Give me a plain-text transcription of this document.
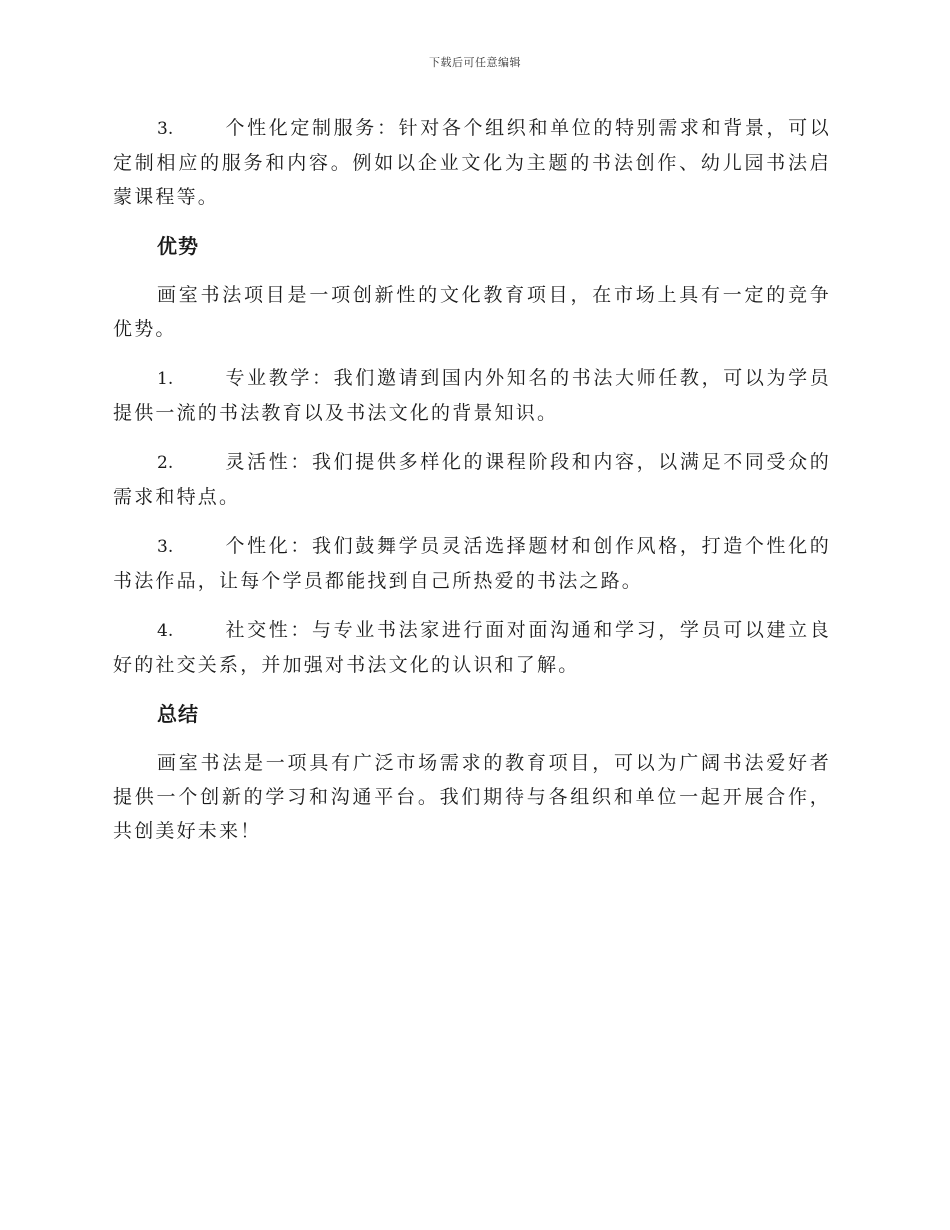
下载后可任意编辑

3.	个性化定制服务：针对各个组织和单位的特别需求和背景，可以定制相应的服务和内容。例如以企业文化为主题的书法创作、幼儿园书法启蒙课程等。

优势

画室书法项目是一项创新性的文化教育项目，在市场上具有一定的竞争优势。

1.	专业教学：我们邀请到国内外知名的书法大师任教，可以为学员提供一流的书法教育以及书法文化的背景知识。

2.	灵活性：我们提供多样化的课程阶段和内容，以满足不同受众的需求和特点。

3.	个性化：我们鼓舞学员灵活选择题材和创作风格，打造个性化的书法作品，让每个学员都能找到自己所热爱的书法之路。

4.	社交性：与专业书法家进行面对面沟通和学习，学员可以建立良好的社交关系，并加强对书法文化的认识和了解。

总结

画室书法是一项具有广泛市场需求的教育项目，可以为广阔书法爱好者提供一个创新的学习和沟通平台。我们期待与各组织和单位一起开展合作，共创美好未来！
